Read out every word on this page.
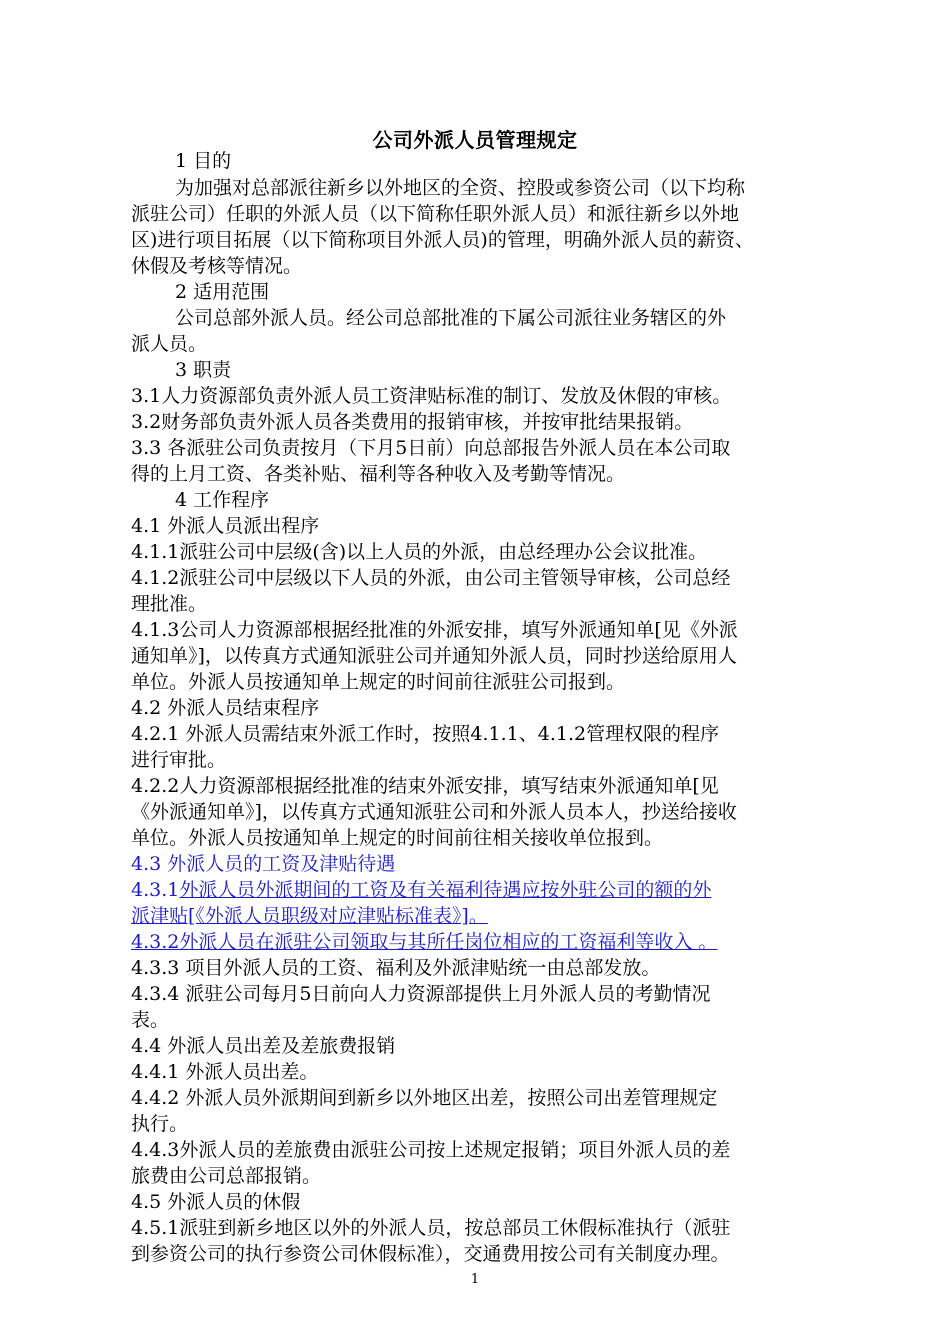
公司外派人员管理规定
1 目的
为加强对总部派往新乡以外地区的全资、控股或参资公司（以下均称
派驻公司）任职的外派人员（以下简称任职外派人员）和派往新乡以外地
区)进行项目拓展（以下简称项目外派人员)的管理，明确外派人员的薪资、
休假及考核等情况。
2 适用范围
公司总部外派人员。经公司总部批准的下属公司派往业务辖区的外
派人员。
3 职责
3.1人力资源部负责外派人员工资津贴标准的制订、发放及休假的审核。
3.2财务部负责外派人员各类费用的报销审核，并按审批结果报销。
3.3 各派驻公司负责按月（下月5日前）向总部报告外派人员在本公司取
得的上月工资、各类补贴、福利等各种收入及考勤等情况。
4 工作程序
4.1 外派人员派出程序
4.1.1派驻公司中层级(含)以上人员的外派，由总经理办公会议批准。
4.1.2派驻公司中层级以下人员的外派，由公司主管领导审核，公司总经
理批准。
4.1.3公司人力资源部根据经批准的外派安排，填写外派通知单[见《外派
通知单》]，以传真方式通知派驻公司并通知外派人员，同时抄送给原用人
单位。外派人员按通知单上规定的时间前往派驻公司报到。
4.2 外派人员结束程序
4.2.1 外派人员需结束外派工作时，按照4.1.1、4.1.2管理权限的程序
进行审批。
4.2.2人力资源部根据经批准的结束外派安排，填写结束外派通知单[见
《外派通知单》]，以传真方式通知派驻公司和外派人员本人，抄送给接收
单位。外派人员按通知单上规定的时间前往相关接收单位报到。
4.3 外派人员的工资及津贴待遇
4.3.1外派人员外派期间的工资及有关福利待遇应按外驻公司的额的外
派津贴[《外派人员职级对应津贴标准表》]。
4.3.2外派人员在派驻公司领取与其所任岗位相应的工资福利等收入 。
4.3.3 项目外派人员的工资、福利及外派津贴统一由总部发放。
4.3.4 派驻公司每月5日前向人力资源部提供上月外派人员的考勤情况
表。
4.4 外派人员出差及差旅费报销
4.4.1 外派人员出差。
4.4.2 外派人员外派期间到新乡以外地区出差，按照公司出差管理规定
执行。
4.4.3外派人员的差旅费由派驻公司按上述规定报销；项目外派人员的差
旅费由公司总部报销。
4.5 外派人员的休假
4.5.1派驻到新乡地区以外的外派人员，按总部员工休假标准执行（派驻
到参资公司的执行参资公司休假标准），交通费用按公司有关制度办理。
1
